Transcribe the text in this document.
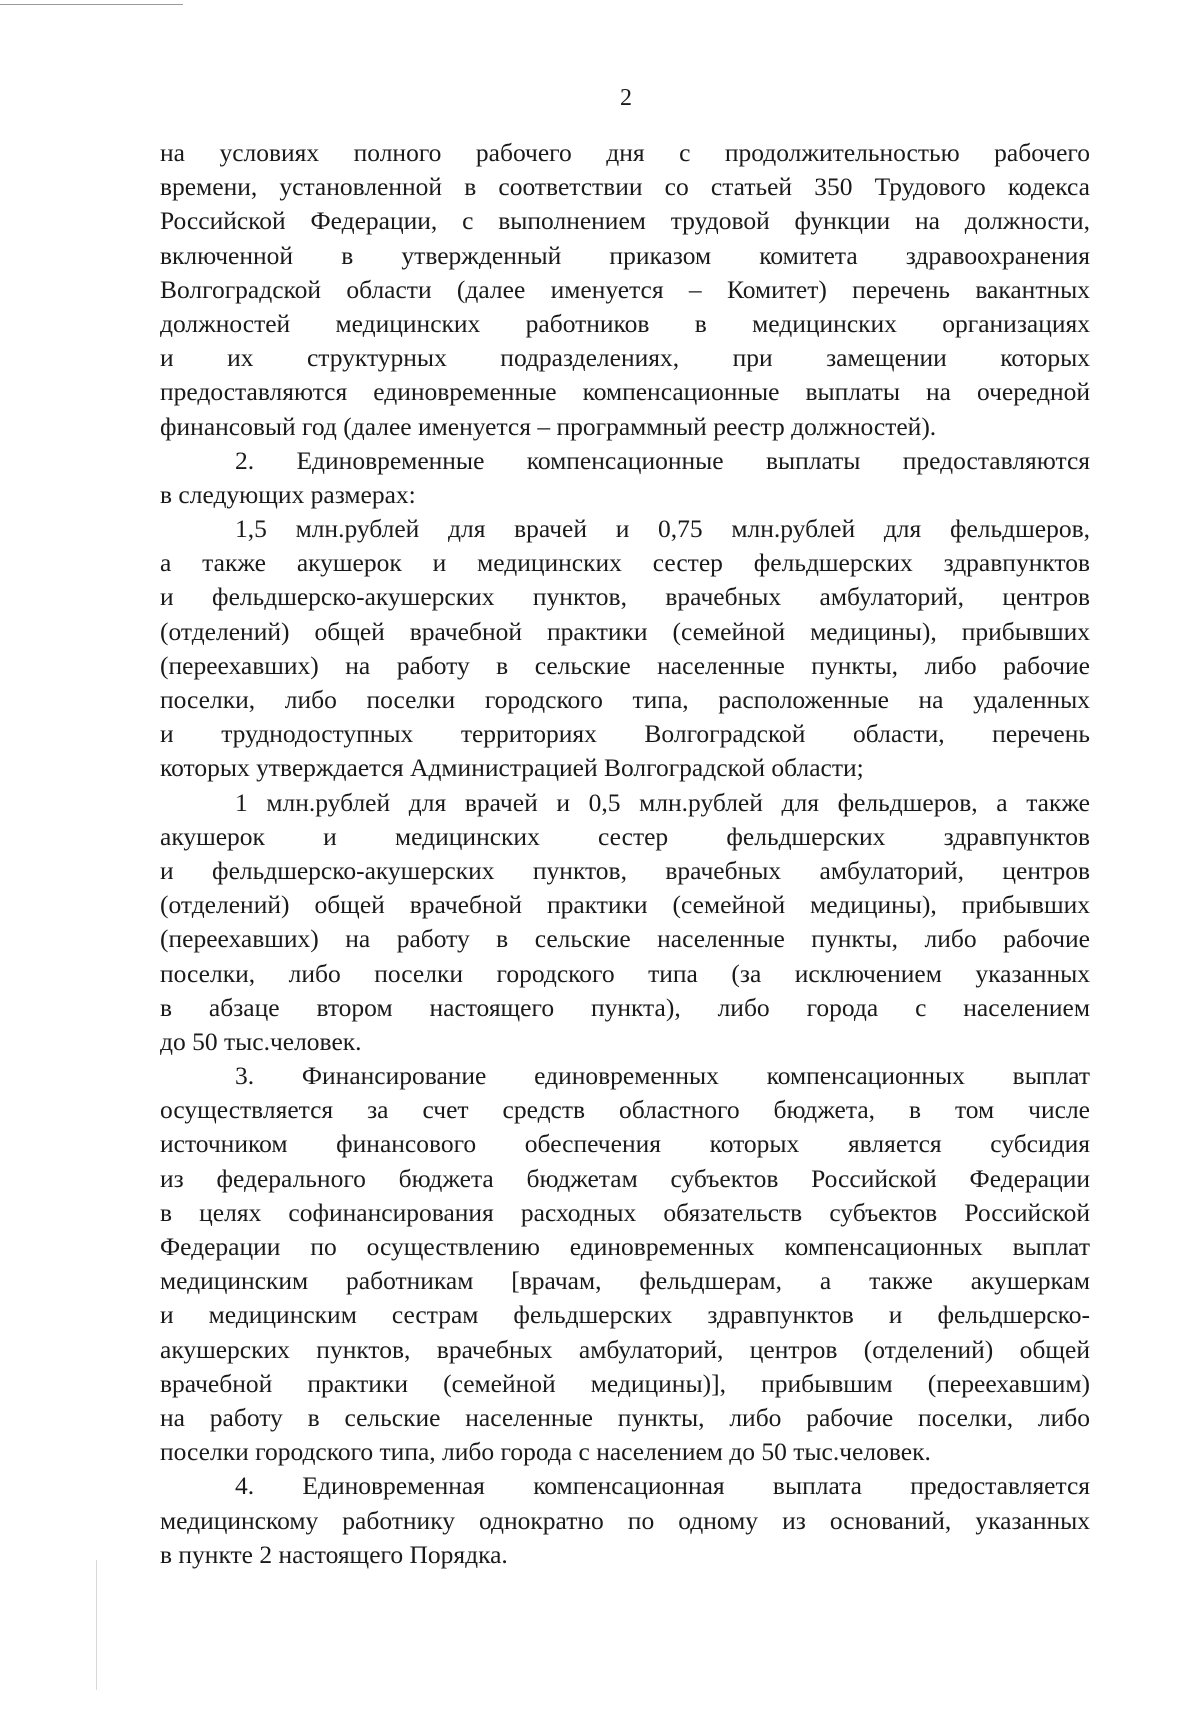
2
на условиях полного рабочего дня с продолжительностью рабочего
времени, установленной в соответствии со статьей 350 Трудового кодекса
Российской Федерации, с выполнением трудовой функции на должности,
включенной в утвержденный приказом комитета здравоохранения
Волгоградской области (далее именуется – Комитет) перечень вакантных
должностей медицинских работников в медицинских организациях
и их структурных подразделениях, при замещении которых
предоставляются единовременные компенсационные выплаты на очередной
финансовый год (далее именуется – программный реестр должностей).
2. Единовременные компенсационные выплаты предоставляются
в следующих размерах:
1,5 млн.рублей для врачей и 0,75 млн.рублей для фельдшеров,
а также акушерок и медицинских сестер фельдшерских здравпунктов
и фельдшерско-акушерских пунктов, врачебных амбулаторий, центров
(отделений) общей врачебной практики (семейной медицины), прибывших
(переехавших) на работу в сельские населенные пункты, либо рабочие
поселки, либо поселки городского типа, расположенные на удаленных
и труднодоступных территориях Волгоградской области, перечень
которых утверждается Администрацией Волгоградской области;
1 млн.рублей для врачей и 0,5 млн.рублей для фельдшеров, а также
акушерок и медицинских сестер фельдшерских здравпунктов
и фельдшерско-акушерских пунктов, врачебных амбулаторий, центров
(отделений) общей врачебной практики (семейной медицины), прибывших
(переехавших) на работу в сельские населенные пункты, либо рабочие
поселки, либо поселки городского типа (за исключением указанных
в абзаце втором настоящего пункта), либо города с населением
до 50 тыс.человек.
3. Финансирование единовременных компенсационных выплат
осуществляется за счет средств областного бюджета, в том числе
источником финансового обеспечения которых является субсидия
из федерального бюджета бюджетам субъектов Российской Федерации
в целях софинансирования расходных обязательств субъектов Российской
Федерации по осуществлению единовременных компенсационных выплат
медицинским работникам [врачам, фельдшерам, а также акушеркам
и медицинским сестрам фельдшерских здравпунктов и фельдшерско-
акушерских пунктов, врачебных амбулаторий, центров (отделений) общей
врачебной практики (семейной медицины)], прибывшим (переехавшим)
на работу в сельские населенные пункты, либо рабочие поселки, либо
поселки городского типа, либо города с населением до 50 тыс.человек.
4. Единовременная компенсационная выплата предоставляется
медицинскому работнику однократно по одному из оснований, указанных
в пункте 2 настоящего Порядка.
